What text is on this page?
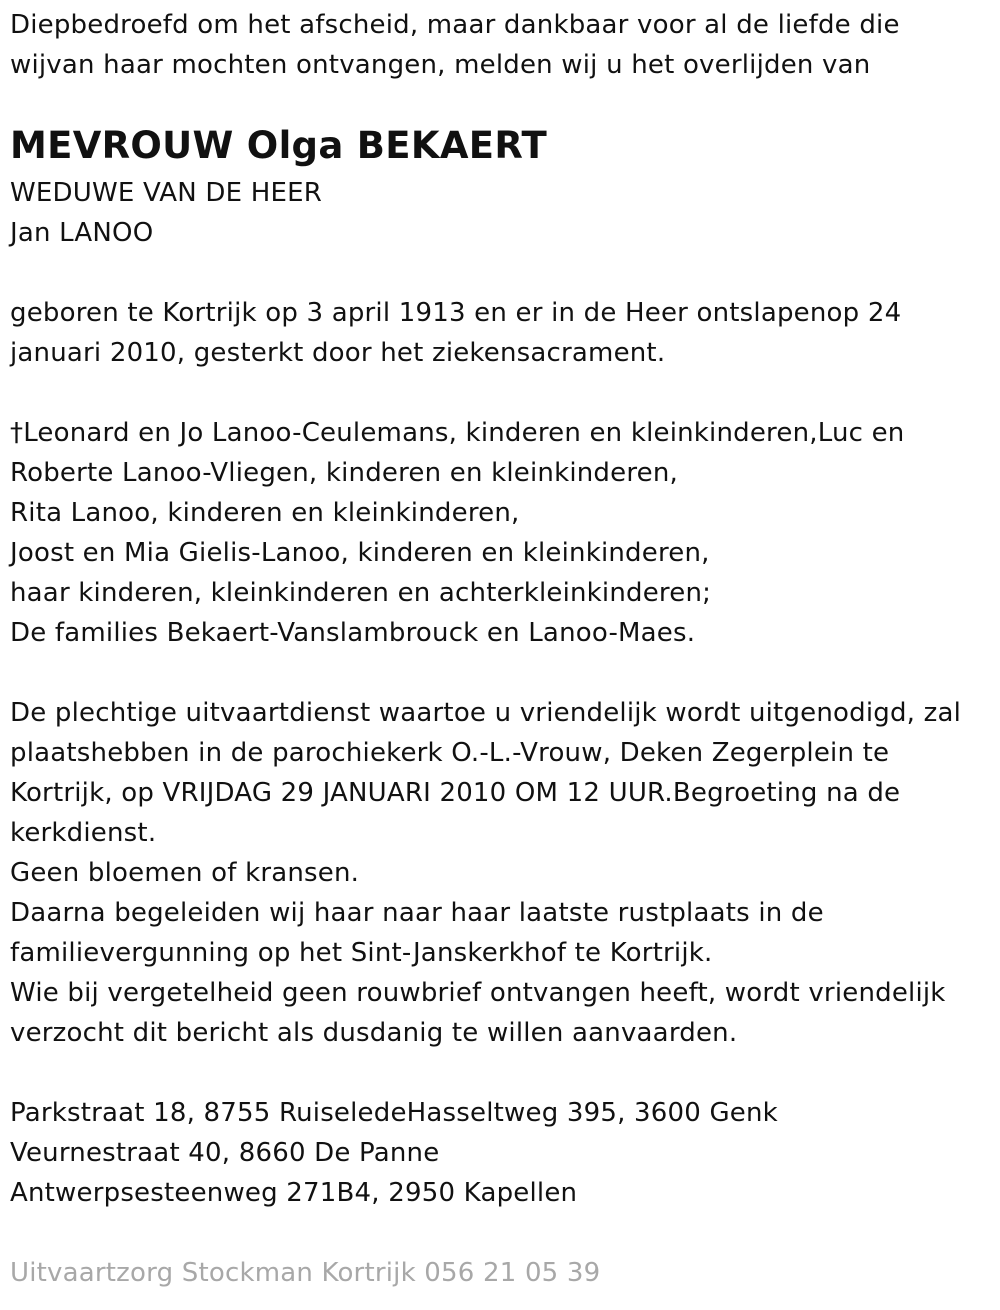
Diepbedroefd om het afscheid, maar dankbaar voor al de liefde die
wijvan haar mochten ontvangen, melden wij u het overlijden van
MEVROUW Olga BEKAERT
WEDUWE VAN DE HEER
Jan LANOO
geboren te Kortrijk op 3 april 1913 en er in de Heer ontslapenop 24
januari 2010, gesterkt door het ziekensacrament.
†Leonard en Jo Lanoo-Ceulemans, kinderen en kleinkinderen,Luc en
Roberte Lanoo-Vliegen, kinderen en kleinkinderen,
Rita Lanoo, kinderen en kleinkinderen,
Joost en Mia Gielis-Lanoo, kinderen en kleinkinderen,
haar kinderen, kleinkinderen en achterkleinkinderen;
De families Bekaert-Vanslambrouck en Lanoo-Maes.
De plechtige uitvaartdienst waartoe u vriendelijk wordt uitgenodigd, zal
plaatshebben in de parochiekerk O.-L.-Vrouw, Deken Zegerplein te
Kortrijk, op VRIJDAG 29 JANUARI 2010 OM 12 UUR.Begroeting na de
kerkdienst.
Geen bloemen of kransen.
Daarna begeleiden wij haar naar haar laatste rustplaats in de
familievergunning op het Sint-Janskerkhof te Kortrijk.
Wie bij vergetelheid geen rouwbrief ontvangen heeft, wordt vriendelijk
verzocht dit bericht als dusdanig te willen aanvaarden.
Parkstraat 18, 8755 RuiseledeHasseltweg 395, 3600 Genk
Veurnestraat 40, 8660 De Panne
Antwerpsesteenweg 271B4, 2950 Kapellen
Uitvaartzorg Stockman Kortrijk 056 21 05 39
